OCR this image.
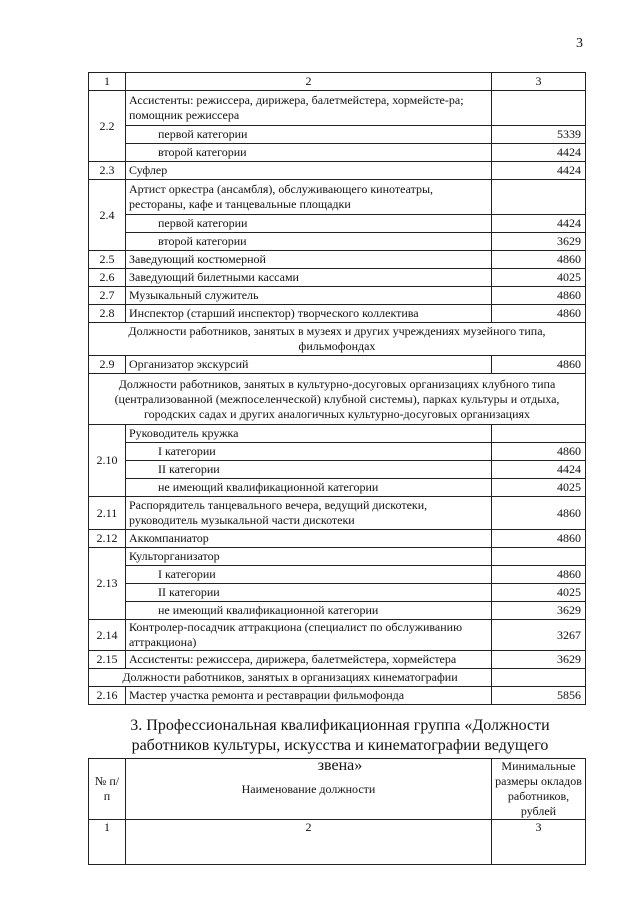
3
1	2	3
2.2	Ассистенты: режиссера, дирижера, балетмейстера, хормейсте-ра; помощник режиссера	
	первой категории	5339
	второй категории	4424
2.3	Суфлер	4424
2.4	Артист оркестра (ансамбля), обслуживающего кинотеатры, рестораны, кафе и танцевальные площадки	
	первой категории	4424
	второй категории	3629
2.5	Заведующий костюмерной	4860
2.6	Заведующий билетными кассами	4025
2.7	Музыкальный служитель	4860
2.8	Инспектор (старший инспектор) творческого коллектива	4860
Должности работников, занятых в музеях и других учреждениях музейного типа, фильмофондах		
2.9	Организатор экскурсий	4860
Должности работников, занятых в культурно-досуговых организациях клубного типа (централизованной (межпоселенческой) клубной системы), парках культуры и отдыха, городских садах и других аналогичных культурно-досуговых организациях		
2.10	Руководитель кружка	
	I категории	4860
	II категории	4424
	не имеющий квалификационной категории	4025
2.11	Распорядитель танцевального вечера, ведущий дискотеки, руководитель музыкальной части дискотеки	4860
2.12	Аккомпаниатор	4860
2.13	Культорганизатор	
	I категории	4860
	II категории	4025
	не имеющий квалификационной категории	3629
2.14	Контролер-посадчик аттракциона (специалист по обслуживанию аттракциона)	3267
2.15	Ассистенты: режиссера, дирижера, балетмейстера, хормейстера	3629
Должности работников, занятых в организациях кинематографии		
2.16	Мастер участка ремонта и реставрации фильмофонда	5856
3. Профессиональная квалификационная группа «Должности работников культуры, искусства и кинематографии ведущего звена»
№ п/п	Наименование должности	Минимальные размеры окладов работников, рублей
1	2	3
